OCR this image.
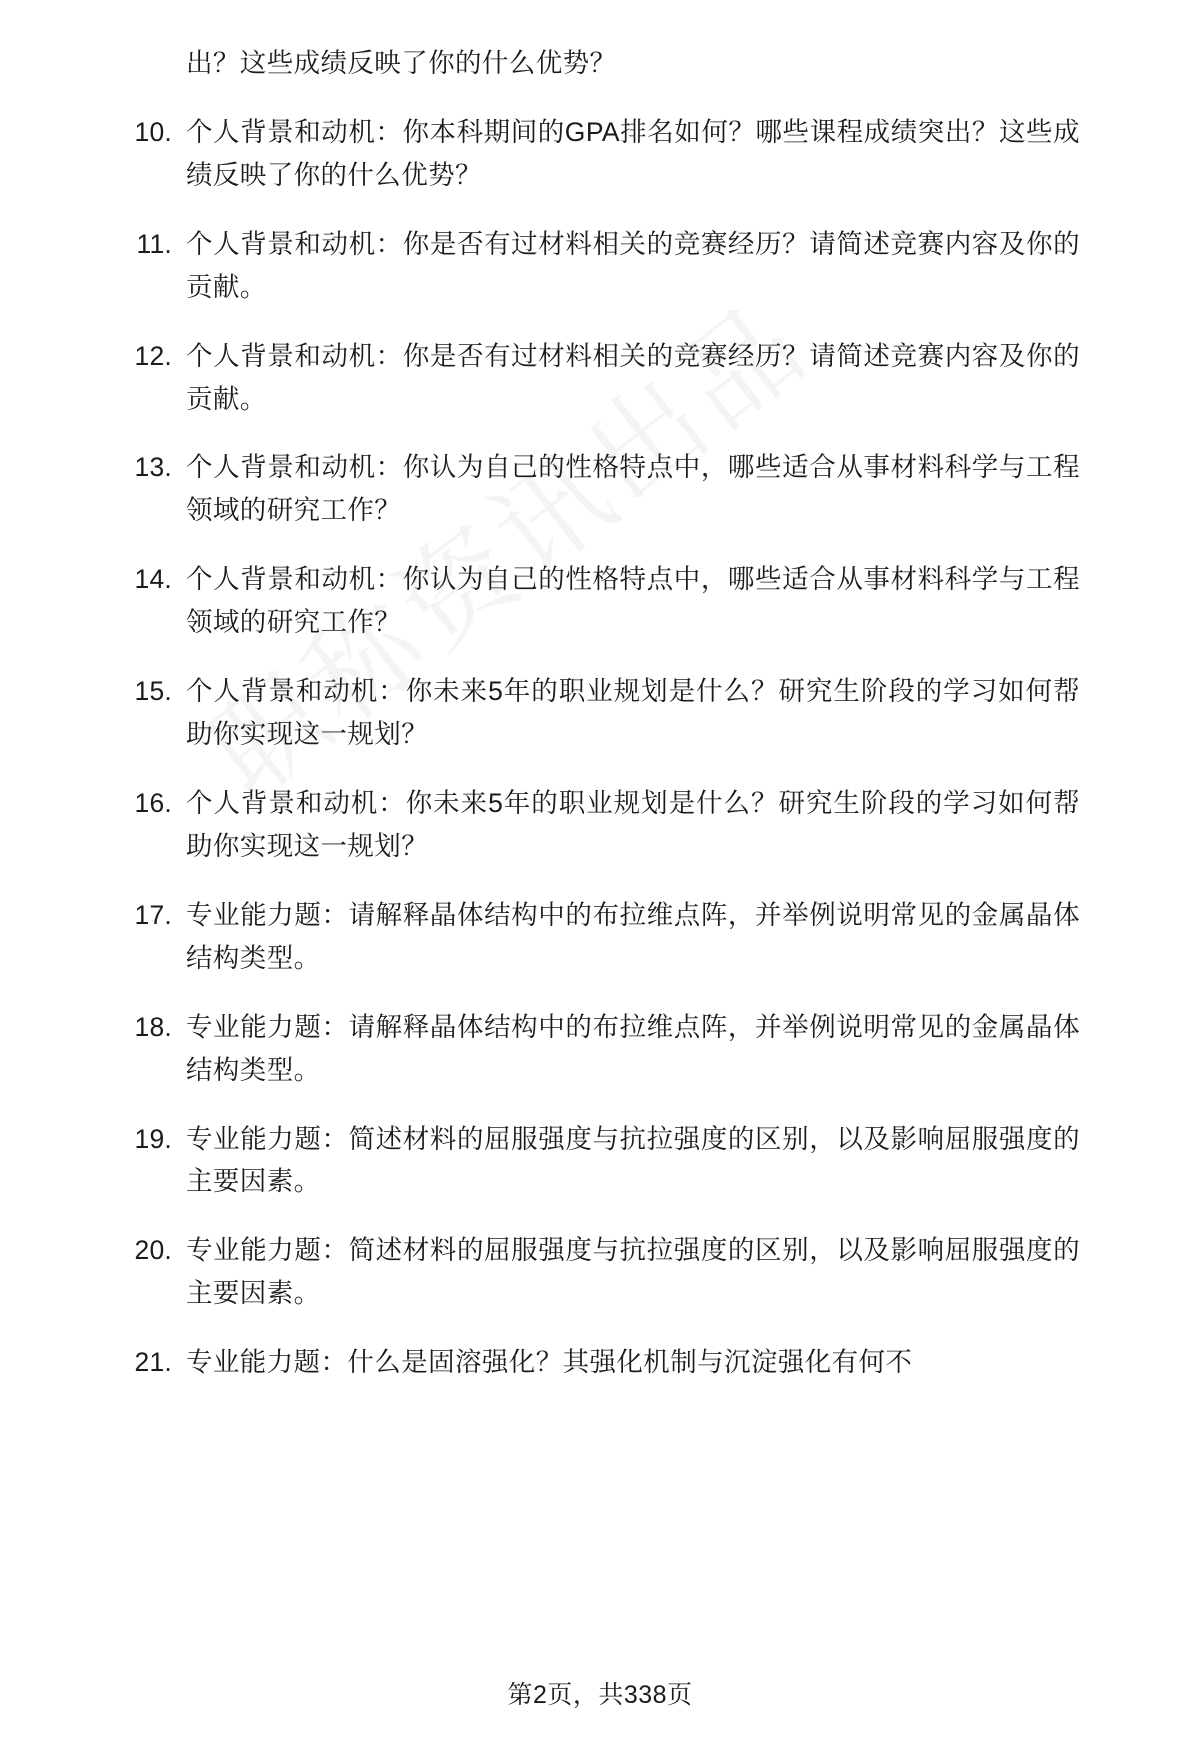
出？这些成绩反映了你的什么优势？

10. 个人背景和动机：你本科期间的GPA排名如何？哪些课程成绩突出？这些成绩反映了你的什么优势？
11. 个人背景和动机：你是否有过材料相关的竞赛经历？请简述竞赛内容及你的贡献。
12. 个人背景和动机：你是否有过材料相关的竞赛经历？请简述竞赛内容及你的贡献。
13. 个人背景和动机：你认为自己的性格特点中，哪些适合从事材料科学与工程领域的研究工作？
14. 个人背景和动机：你认为自己的性格特点中，哪些适合从事材料科学与工程领域的研究工作？
15. 个人背景和动机：你未来5年的职业规划是什么？研究生阶段的学习如何帮助你实现这一规划？
16. 个人背景和动机：你未来5年的职业规划是什么？研究生阶段的学习如何帮助你实现这一规划？
17. 专业能力题：请解释晶体结构中的布拉维点阵，并举例说明常见的金属晶体结构类型。
18. 专业能力题：请解释晶体结构中的布拉维点阵，并举例说明常见的金属晶体结构类型。
19. 专业能力题：简述材料的屈服强度与抗拉强度的区别，以及影响屈服强度的主要因素。
20. 专业能力题：简述材料的屈服强度与抗拉强度的区别，以及影响屈服强度的主要因素。
21. 专业能力题：什么是固溶强化？其强化机制与沉淀强化有何不
第2页，共338页
